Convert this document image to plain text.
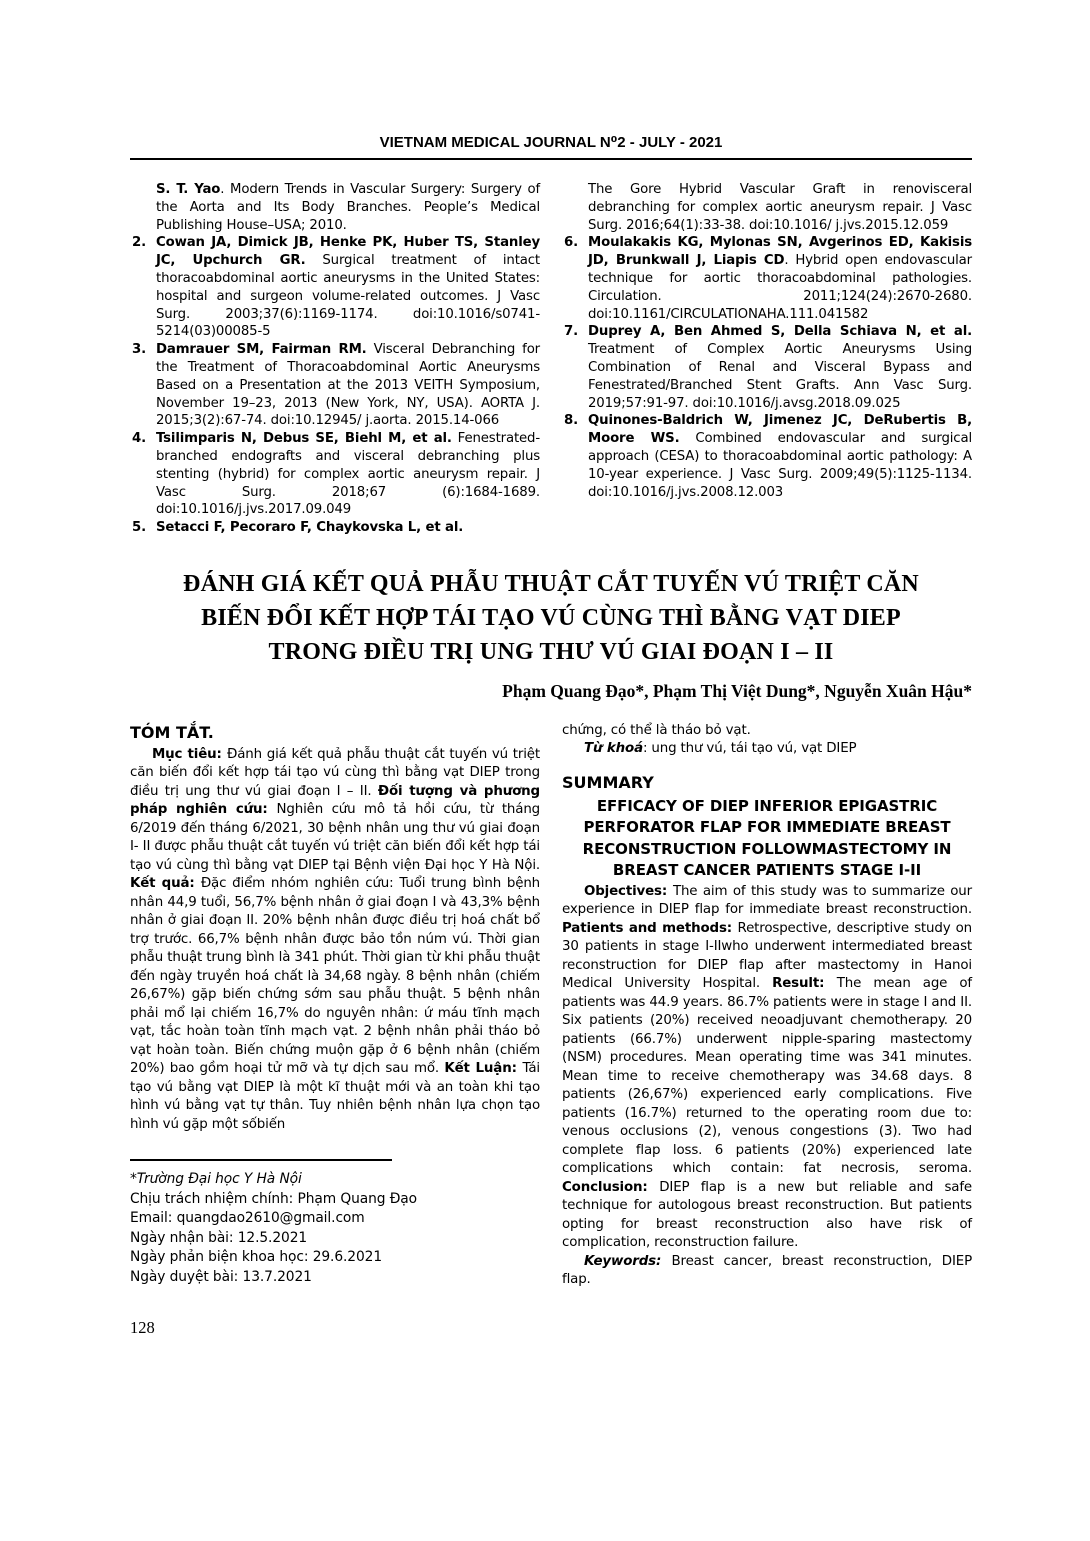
VIETNAM MEDICAL JOURNAL N⁰2 - JULY - 2021
S. T. Yao. Modern Trends in Vascular Surgery: Surgery of the Aorta and Its Body Branches. People’s Medical Publishing House–USA; 2010.
2. Cowan JA, Dimick JB, Henke PK, Huber TS, Stanley JC, Upchurch GR. Surgical treatment of intact thoracoabdominal aortic aneurysms in the United States: hospital and surgeon volume-related outcomes. J Vasc Surg. 2003;37(6):1169-1174. doi:10.1016/s0741-5214(03)00085-5
3. Damrauer SM, Fairman RM. Visceral Debranching for the Treatment of Thoracoabdominal Aortic Aneurysms Based on a Presentation at the 2013 VEITH Symposium, November 19–23, 2013 (New York, NY, USA). AORTA J. 2015;3(2):67-74. doi:10.12945/ j.aorta. 2015.14-066
4. Tsilimparis N, Debus SE, Biehl M, et al. Fenestrated-branched endografts and visceral debranching plus stenting (hybrid) for complex aortic aneurysm repair. J Vasc Surg. 2018;67 (6):1684-1689. doi:10.1016/j.jvs.2017.09.049
5. Setacci F, Pecoraro F, Chaykovska L, et al.
The Gore Hybrid Vascular Graft in renovisceral debranching for complex aortic aneurysm repair. J Vasc Surg. 2016;64(1):33-38. doi:10.1016/ j.jvs.2015.12.059
6. Moulakakis KG, Mylonas SN, Avgerinos ED, Kakisis JD, Brunkwall J, Liapis CD. Hybrid open endovascular technique for aortic thoracoabdominal pathologies. Circulation. 2011;124(24):2670-2680. doi:10.1161/CIRCULATIONAHA.111.041582
7. Duprey A, Ben Ahmed S, Della Schiava N, et al. Treatment of Complex Aortic Aneurysms Using Combination of Renal and Visceral Bypass and Fenestrated/Branched Stent Grafts. Ann Vasc Surg. 2019;57:91-97. doi:10.1016/j.avsg.2018.09.025
8. Quinones-Baldrich W, Jimenez JC, DeRubertis B, Moore WS. Combined endovascular and surgical approach (CESA) to thoracoabdominal aortic pathology: A 10-year experience. J Vasc Surg. 2009;49(5):1125-1134. doi:10.1016/j.jvs.2008.12.003
ĐÁNH GIÁ KẾT QUẢ PHẪU THUẬT CẮT TUYẾN VÚ TRIỆT CĂN
BIẾN ĐỔI KẾT HỢP TÁI TẠO VÚ CÙNG THÌ BẰNG VẠT DIEP
TRONG ĐIỀU TRỊ UNG THƯ VÚ GIAI ĐOẠN I – II
Phạm Quang Đạo*, Phạm Thị Việt Dung*, Nguyễn Xuân Hậu*
TÓM TẮT.

Mục tiêu: Đánh giá kết quả phẫu thuật cắt tuyến vú triệt căn biến đổi kết hợp tái tạo vú cùng thì bằng vạt DIEP trong điều trị ung thư vú giai đoạn I – II. Đối tượng và phương pháp nghiên cứu: Nghiên cứu mô tả hồi cứu, từ tháng 6/2019 đến tháng 6/2021, 30 bệnh nhân ung thư vú giai đoạn I- II được phẫu thuật cắt tuyến vú triệt căn biến đổi kết hợp tái tạo vú cùng thì bằng vạt DIEP tại Bệnh viện Đại học Y Hà Nội. Kết quả: Đặc điểm nhóm nghiên cứu: Tuổi trung bình bệnh nhân 44,9 tuổi, 56,7% bệnh nhân ở giai đoạn I và 43,3% bệnh nhân ở giai đoạn II. 20% bệnh nhân được điều trị hoá chất bổ trợ trước. 66,7% bệnh nhân được bảo tồn núm vú. Thời gian phẫu thuật trung bình là 341 phút. Thời gian từ khi phẫu thuật đến ngày truyền hoá chất là 34,68 ngày. 8 bệnh nhân (chiếm 26,67%) gặp biến chứng sớm sau phẫu thuật. 5 bệnh nhân phải mổ lại chiếm 16,7% do nguyên nhân: ứ máu tĩnh mạch vạt, tắc hoàn toàn tĩnh mạch vạt. 2 bệnh nhân phải tháo bỏ vạt hoàn toàn. Biến chứng muộn gặp ở 6 bệnh nhân (chiếm 20%) bao gồm hoại tử mỡ và tự dịch sau mổ. Kết Luận: Tái tạo vú bằng vạt DIEP là một kĩ thuật mới và an toàn khi tạo hình vú bằng vạt tự thân. Tuy nhiên bệnh nhân lựa chọn tạo hình vú gặp một sốbiến

*Trường Đại học Y Hà Nội
Chịu trách nhiệm chính: Phạm Quang Đạo
Email: quangdao2610@gmail.com
Ngày nhận bài: 12.5.2021
Ngày phản biện khoa học: 29.6.2021
Ngày duyệt bài: 13.7.2021

chứng, có thể là tháo bỏ vạt.

Từ khoá: ung thư vú, tái tạo vú, vạt DIEP

SUMMARY
EFFICACY OF DIEP INFERIOR EPIGASTRIC PERFORATOR FLAP FOR IMMEDIATE BREAST RECONSTRUCTION FOLLOWMASTECTOMY IN BREAST CANCER PATIENTS STAGE I-II

Objectives: The aim of this study was to summarize our experience in DIEP flap for immediate breast reconstruction. Patients and methods: Retrospective, descriptive study on 30 patients in stage I-IIwho underwent intermediated breast reconstruction for DIEP flap after mastectomy in Hanoi Medical University Hospital. Result: The mean age of patients was 44.9 years. 86.7% patients were in stage I and II. Six patients (20%) received neoadjuvant chemotherapy. 20 patients (66.7%) underwent nipple-sparing mastectomy (NSM) procedures. Mean operating time was 341 minutes. Mean time to receive chemotherapy was 34.68 days. 8 patients (26,67%) experienced early complications. Five patients (16.7%) returned to the operating room due to: venous occlusions (2), venous congestions (3). Two had complete flap loss. 6 patients (20%) experienced late complications which contain: fat necrosis, seroma. Conclusion: DIEP flap is a new but reliable and safe technique for autologous breast reconstruction. But patients opting for breast reconstruction also have risk of complication, reconstruction failure.

Keywords: Breast cancer, breast reconstruction, DIEP flap.

128
